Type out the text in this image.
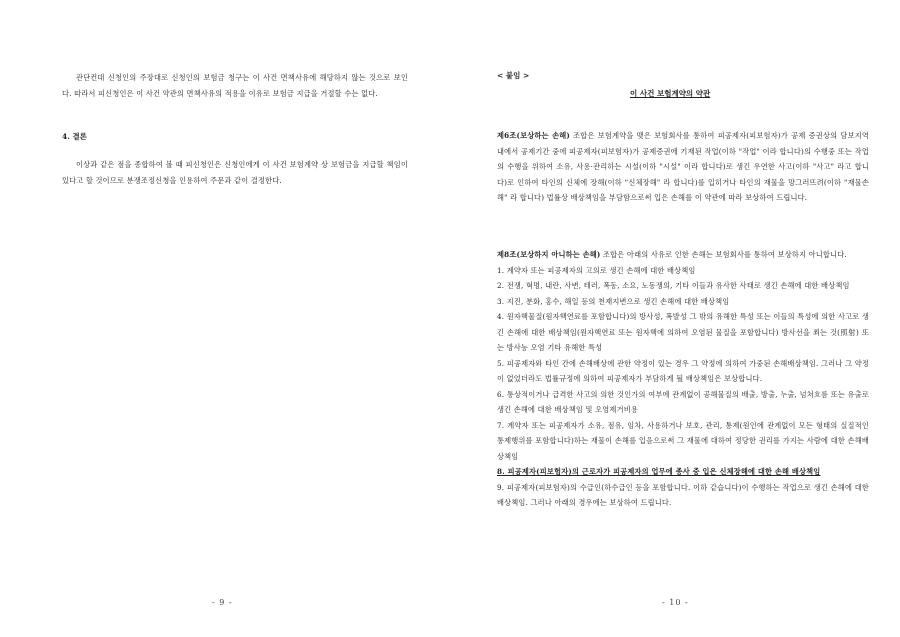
관단컨대 신청인의 주장대로 신청인의 보험금 청구는 이 사건 면책사유에 해당하지 않는 것으로 보인다. 따라서 피신청인은 이 사건 약관의 면책사유의 적용을 이유로 보험금 지급을 거절할 수는 없다.
4. 결론
이상과 같은 점을 종합하여 볼 때 피신청인은 신청인에게 이 사건 보험계약 상 보험금을 지급할 책임이 있다고 할 것이므로 분쟁조정신청을 인용하여 주문과 같이 결정한다.
- 9 -
< 붙임 >
이 사건 보험계약의 약관
제6조(보상하는 손해) 조합은 보험계약을 맺은 보험회사를 통하여 피공제자(피보험자)가 공제 증권상의 담보지역 내에서 공제기간 중에 피공제자(피보험자)가 공제증권에 기재된 작업(이하 "작업" 이라 합니다)의 수행중 또는 작업의 수행을 위하여 소유, 사용·관리하는 시설(이하 "시설" 이라 합니다)로 생긴 우연한 사고(이하 "사고" 라고 합니다)로 인하여 타인의 신체에 장해(이하 "신체장해" 라 합니다)를 입히거나 타인의 재물을 망그러뜨려(이하 "재물손해" 라 합니다) 법률상 배상책임을 부담함으로써 입은 손해를 이 약관에 따라 보상하여 드립니다.
제8조(보상하지 아니하는 손해) 조합은 아래의 사유로 인한 손해는 보험회사를 통하여 보상하지 아니합니다.
1. 계약자 또는 피공제자의 고의로 생긴 손해에 대한 배상책임
2. 전쟁, 혁명, 내란, 사변, 테러, 폭동, 소요, 노동쟁의, 기타 이들과 유사한 사태로 생긴 손해에 대한 배상책임
3. 지진, 분화, 홍수, 해일 등의 천재지변으로 생긴 손해에 대한 배상책임
4. 원자핵물질(원자핵연료를 포함합니다)의 방사성, 폭발성 그 밖의 유해한 특성 또는 이들의 특성에 의한 사고로 생긴 손해에 대한 배상책임(원자핵연료 또는 원자핵에 의하여 오염된 물질을 포함합니다) 방사선을 쬐는 것(照射) 또는 방사능 오염 기타 유해한 특성
5. 피공제자와 타인 간에 손해배상에 관한 약정이 있는 경우 그 약정에 의하여 가중된 손해배상책임. 그러나 그 약정이 없었더라도 법률규정에 의하여 피공제자가 부담하게 될 배상책임은 보상합니다.
6. 통상적이거나 급격한 사고의 의한 것인가의 여부에 관계없이 공해물질의 배출, 방출, 누출, 넘쳐흐름 또는 유출로 생긴 손해에 대한 배상책임 및 오염제거비용
7. 계약자 또는 피공제자가 소유, 점유, 임차, 사용하거나 보호, 관리, 통제(원인에 관계없이 모든 형태의 실질적인 통제행위를 포함합니다)하는 재물이 손해를 입음으로써 그 재물에 대하여 정당한 권리를 가지는 사람에 대한 손해배상책임
8. 피공제자(피보험자)의 근로자가 피공제자의 업무에 종사 중 입은 신체장해에 대한 손해 배상책임
9. 피공제자(피보험자)의 수급인(하수급인 등을 포함합니다. 이하 같습니다)이 수행하는 작업으로 생긴 손해에 대한 배상책임. 그러나 아래의 경우에는 보상하여 드립니다.
- 10 -
